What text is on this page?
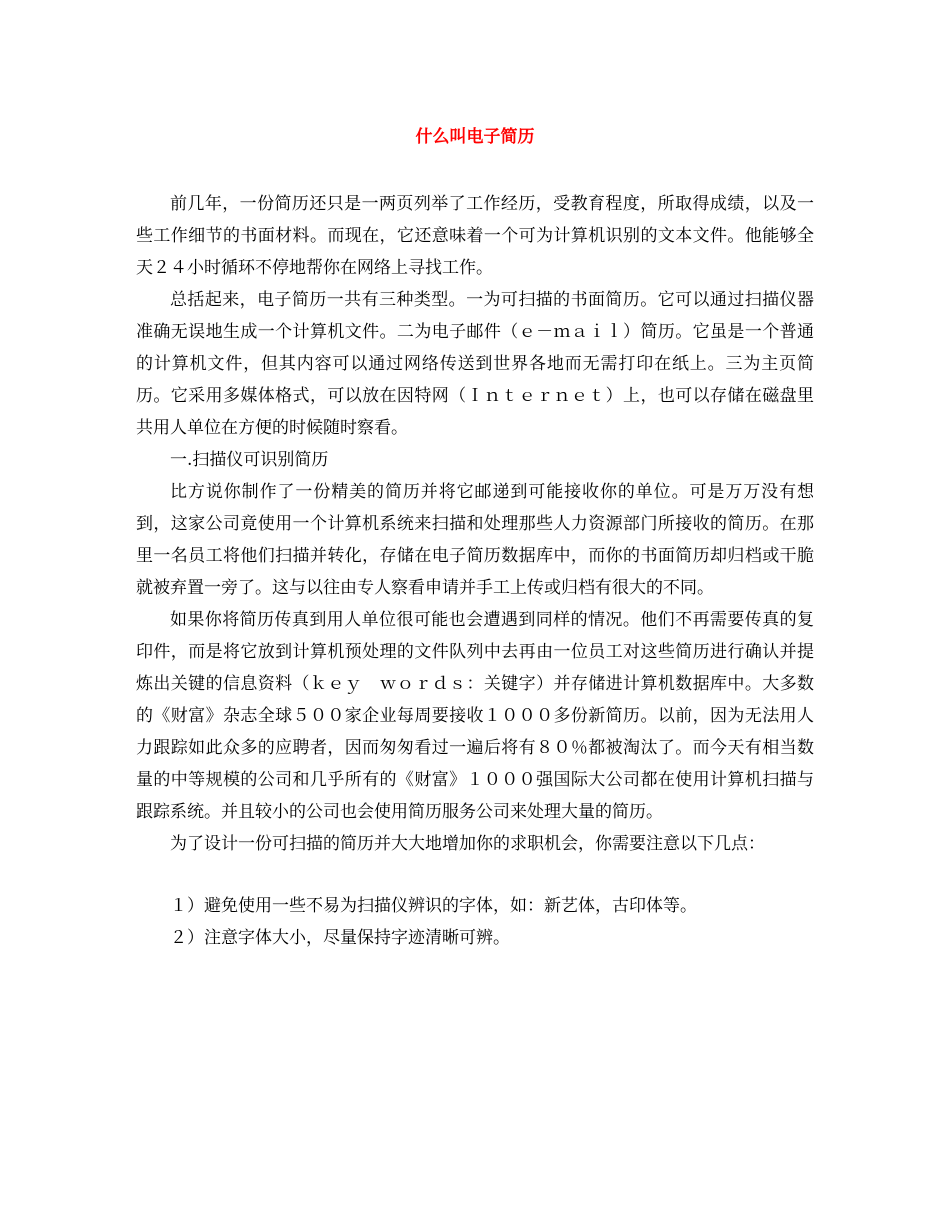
什么叫电子简历

前几年，一份简历还只是一两页列举了工作经历，受教育程度，所取得成绩，以及一些工作细节的书面材料。而现在，它还意味着一个可为计算机识别的文本文件。他能够全天２４小时循环不停地帮你在网络上寻找工作。

总括起来，电子简历一共有三种类型。一为可扫描的书面简历。它可以通过扫描仪器准确无误地生成一个计算机文件。二为电子邮件（ｅ－ｍａｉｌ）简历。它虽是一个普通的计算机文件，但其内容可以通过网络传送到世界各地而无需打印在纸上。三为主页简历。它采用多媒体格式，可以放在因特网（Ｉｎｔｅｒｎｅｔ）上，也可以存储在磁盘里共用人单位在方便的时候随时察看。

一.扫描仪可识别简历

比方说你制作了一份精美的简历并将它邮递到可能接收你的单位。可是万万没有想到，这家公司竟使用一个计算机系统来扫描和处理那些人力资源部门所接收的简历。在那里一名员工将他们扫描并转化，存储在电子简历数据库中，而你的书面简历却归档或干脆就被弃置一旁了。这与以往由专人察看申请并手工上传或归档有很大的不同。

如果你将简历传真到用人单位很可能也会遭遇到同样的情况。他们不再需要传真的复印件，而是将它放到计算机预处理的文件队列中去再由一位员工对这些简历进行确认并提炼出关键的信息资料（ｋｅｙ　ｗｏｒｄｓ：关键字）并存储进计算机数据库中。大多数的《财富》杂志全球５００家企业每周要接收１０００多份新简历。以前，因为无法用人力跟踪如此众多的应聘者，因而匆匆看过一遍后将有８０％都被淘汰了。而今天有相当数量的中等规模的公司和几乎所有的《财富》１０００强国际大公司都在使用计算机扫描与跟踪系统。并且较小的公司也会使用简历服务公司来处理大量的简历。

为了设计一份可扫描的简历并大大地增加你的求职机会，你需要注意以下几点：

１）避免使用一些不易为扫描仪辨识的字体，如：新艺体，古印体等。

２）注意字体大小，尽量保持字迹清晰可辨。
